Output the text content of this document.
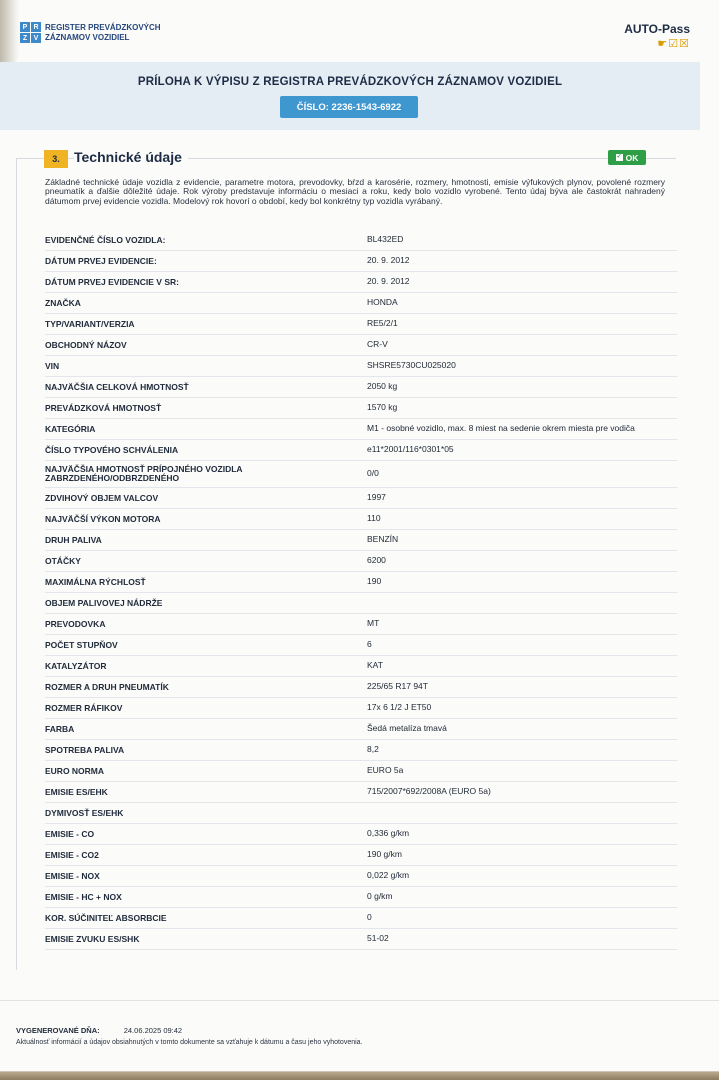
P R
Z V
REGISTER PREVÁDZKOVÝCH
ZÁZNAMOV VOZIDIEL
AUTO-Pass
☛☑☒
PRÍLOHA K VÝPISU Z REGISTRA PREVÁDZKOVÝCH ZÁZNAMOV VOZIDIEL
ČÍSLO: 2236-1543-6922
3.	Technické údaje	✓ OK
Základné technické údaje vozidla z evidencie, parametre motora, prevodovky, bŕzd a karosérie, rozmery, hmotnosti, emisie výfukových plynov, povolené rozmery pneumatík a ďalšie dôležité údaje. Rok výroby predstavuje informáciu o mesiaci a roku, kedy bolo vozidlo vyrobené. Tento údaj býva ale častokrát nahradený dátumom prvej evidencie vozidla. Modelový rok hovorí o období, kedy bol konkrétny typ vozidla vyrábaný.
EVIDENČNÉ ČÍSLO VOZIDLA:	BL432ED
DÁTUM PRVEJ EVIDENCIE:	20. 9. 2012
DÁTUM PRVEJ EVIDENCIE V SR:	20. 9. 2012
ZNAČKA	HONDA
TYP/VARIANT/VERZIA	RE5/2/1
OBCHODNÝ NÁZOV	CR-V
VIN	SHSRE5730CU025020
NAJVÄČŠIA CELKOVÁ HMOTNOSŤ	2050 kg
PREVÁDZKOVÁ HMOTNOSŤ	1570 kg
KATEGÓRIA	M1 - osobné vozidlo, max. 8 miest na sedenie okrem miesta pre vodiča
ČÍSLO TYPOVÉHO SCHVÁLENIA	e11*2001/116*0301*05
NAJVÄČŠIA HMOTNOSŤ PRÍPOJNÉHO VOZIDLA ZABRZDENÉHO/ODBRZDENÉHO	0/0
ZDVIHOVÝ OBJEM VALCOV	1997
NAJVÄČŠÍ VÝKON MOTORA	110
DRUH PALIVA	BENZÍN
OTÁČKY	6200
MAXIMÁLNA RÝCHLOSŤ	190
OBJEM PALIVOVEJ NÁDRŽE
PREVODOVKA	MT
POČET STUPŇOV	6
KATALYZÁTOR	KAT
ROZMER A DRUH PNEUMATÍK	225/65 R17 94T
ROZMER RÁFIKOV	17x 6 1/2 J ET50
FARBA	Šedá metalíza tmavá
SPOTREBA PALIVA	8,2
EURO NORMA	EURO 5a
EMISIE ES/EHK	715/2007*692/2008A (EURO 5a)
DYMIVOSŤ ES/EHK
EMISIE - CO	0,336 g/km
EMISIE - CO2	190 g/km
EMISIE - NOX	0,022 g/km
EMISIE - HC + NOX	0 g/km
KOR. SÚČINITEĽ ABSORBCIE	0
EMISIE ZVUKU ES/SHK	51-02
VYGENEROVANÉ DŇA:	24.06.2025 09:42
Aktuálnosť informácií a údajov obsiahnutých v tomto dokumente sa vzťahuje k dátumu a času jeho vyhotovenia.
